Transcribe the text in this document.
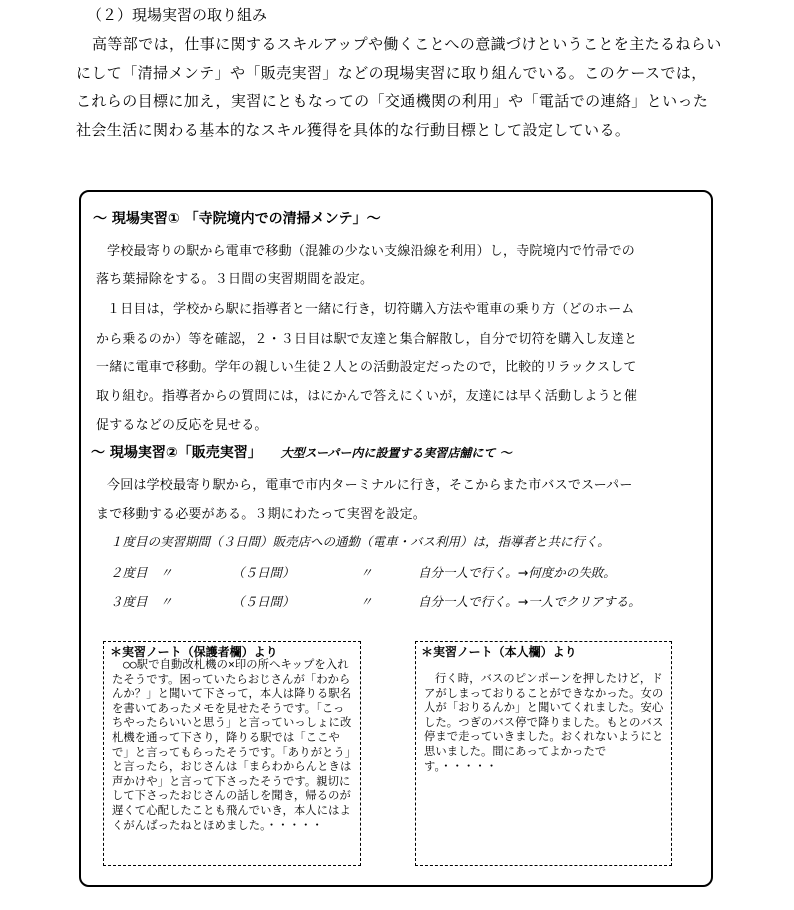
（２）現場実習の取り組み

高等部では，仕事に関するスキルアップや働くことへの意識づけということを主たるねらいにして「清掃メンテ」や「販売実習」などの現場実習に取り組んでいる。このケースでは，これらの目標に加え，実習にともなっての「交通機関の利用」や「電話での連絡」といった社会生活に関わる基本的なスキル獲得を具体的な行動目標として設定している。

～ 現場実習① 「寺院境内での清掃メンテ」～
学校最寄りの駅から電車で移動（混雑の少ない支線沿線を利用）し，寺院境内で竹帚での
落ち葉掃除をする。３日間の実習期間を設定。
１日目は，学校から駅に指導者と一緒に行き，切符購入方法や電車の乗り方（どのホーム
から乗るのか）等を確認，２・３日目は駅で友達と集合解散し，自分で切符を購入し友達と
一緒に電車で移動。学年の親しい生徒２人との活動設定だったので，比較的リラックスして
取り組む。指導者からの質問には，はにかんで答えにくいが，友達には早く活動しようと催
促するなどの反応を見せる。
～ 現場実習②「販売実習」 大型スーパー内に設置する実習店舗にて ～
今回は学校最寄り駅から，電車で市内ターミナルに行き，そこからまた市バスでスーパー
まで移動する必要がある。３期にわたって実習を設定。
１度目の実習期間（３日間）販売店への通勤（電車・バス利用）は，指導者と共に行く。
２度目　〃	（５日間）	〃	自分一人で行く。→何度かの失敗。
３度目　〃	（５日間）	〃	自分一人で行く。→一人でクリアする。
＊実習ノート（保護者欄）より
○○駅で自動改札機の×印の所へキップを入れたそうです。困っていたらおじさんが「わからんか？」と聞いて下さって，本人は降りる駅名を書いてあったメモを見せたそうです。「こっちやったらいいと思う」と言っていっしょに改札機を通って下さり，降りる駅では「ここやで」と言ってもらったそうです。「ありがとう」と言ったら，おじさんは「まらわからんときは声かけや」と言って下さったそうです。親切にして下さったおじさんの話しを聞き，帰るのが遅くて心配したことも飛んでいき，本人にはよくがんばったねとほめました。・・・・・
＊実習ノート（本人欄）より
行く時，バスのピンポーンを押したけど，ドアがしまっておりることができなかった。女の人が「おりるんか」と聞いてくれました。安心した。つぎのバス停で降りました。もとのバス停まで走っていきました。おくれないようにと思いました。間にあってよかったです。・・・・・
